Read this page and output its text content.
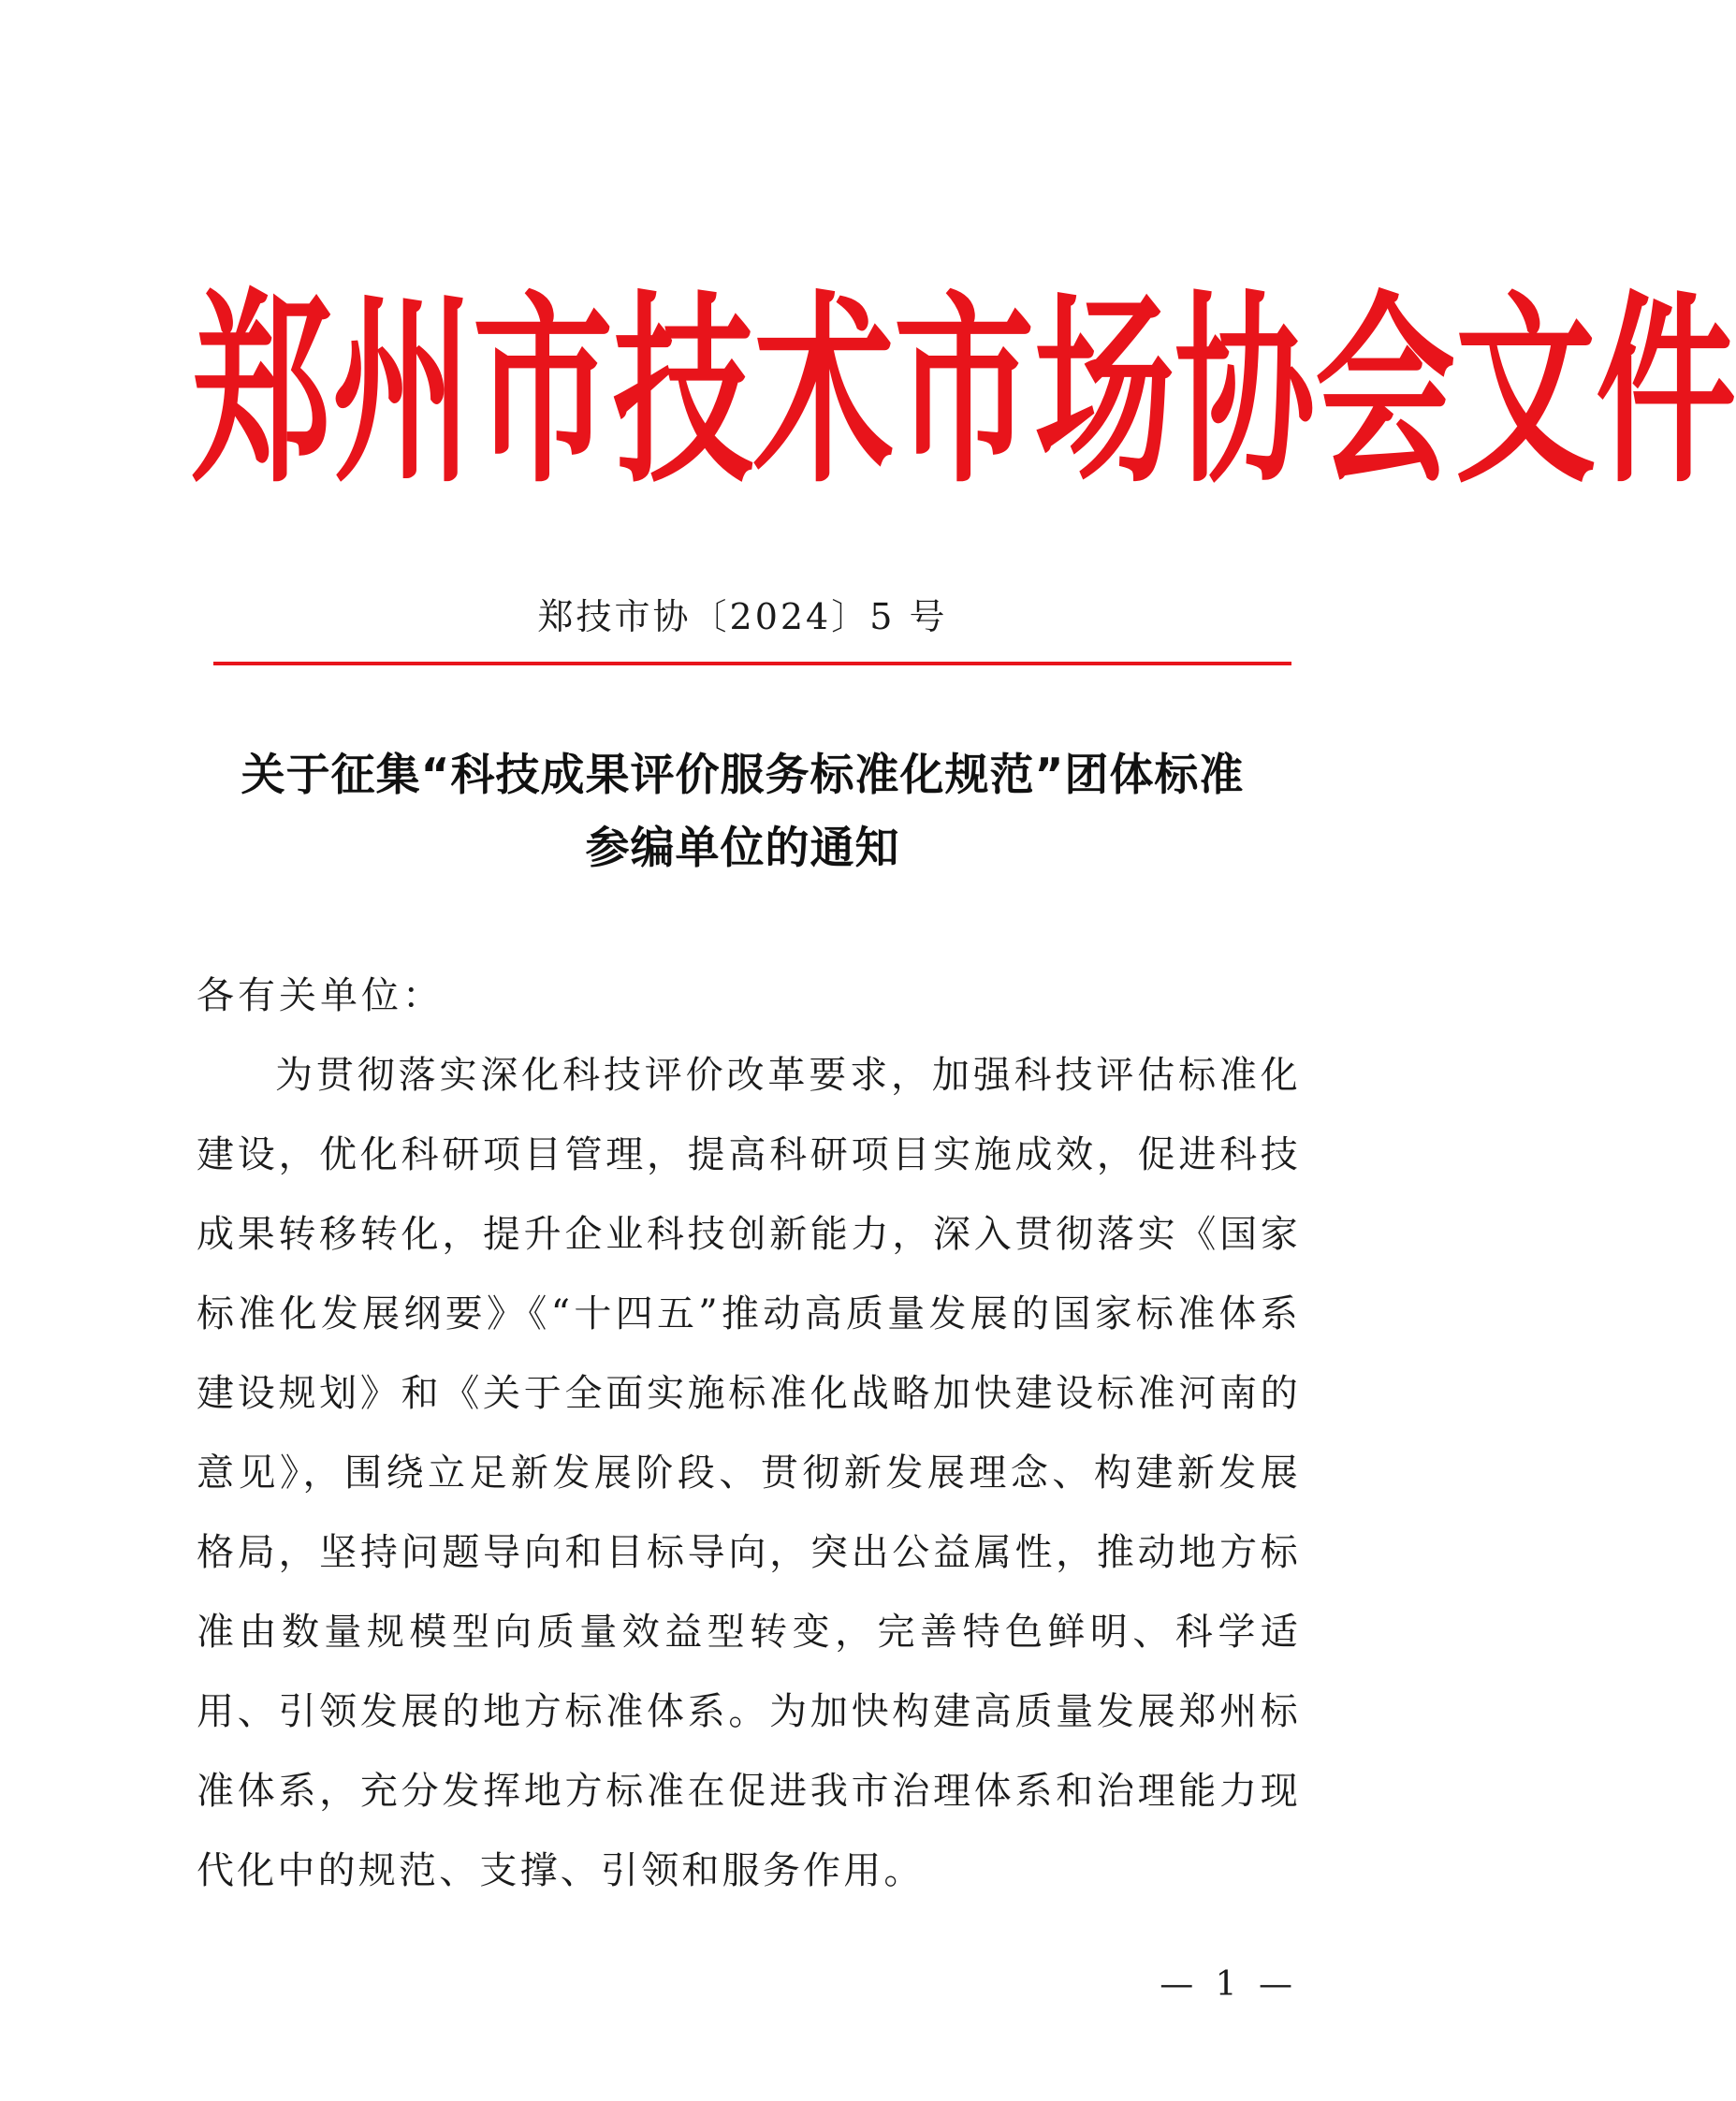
郑 州 市 技 术 市 场 协 会 文 件
郑技市协〔2024〕5 号
关于征集“科技成果评价服务标准化规范”团体标准
参编单位的通知
各有关单位：
为贯彻落实深化科技评价改革要求，加强科技评估标准化建设，优化科研项目管理，提高科研项目实施成效，促进科技成果转移转化，提升企业科技创新能力，深入贯彻落实《国家标准化发展纲要》《“十四五”推动高质量发展的国家标准体系建设规划》和《关于全面实施标准化战略加快建设标准河南的意见》，围绕立足新发展阶段、贯彻新发展理念、构建新发展格局，坚持问题导向和目标导向，突出公益属性，推动地方标准由数量规模型向质量效益型转变，完善特色鲜明、科学适用、引领发展的地方标准体系。为加快构建高质量发展郑州标准体系，充分发挥地方标准在促进我市治理体系和治理能力现代化中的规范、支撑、引领和服务作用。
— 1 —
